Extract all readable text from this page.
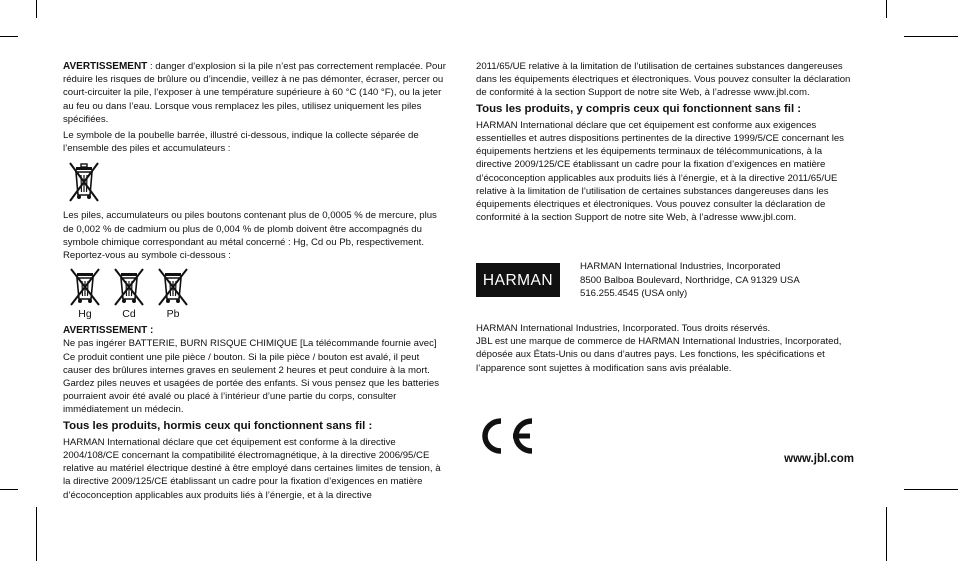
AVERTISSEMENT : danger d’explosion si la pile n’est pas correctement remplacée. Pour réduire les risques de brûlure ou d’incendie, veillez à ne pas démonter, écraser, percer ou court-circuiter la pile, l’exposer à une température supérieure à 60 °C (140 °F), ou la jeter au feu ou dans l’eau. Lorsque vous remplacez les piles, utilisez uniquement les piles spécifiées.

Le symbole de la poubelle barrée, illustré ci-dessous, indique la collecte séparée de l’ensemble des piles et accumulateurs :

Les piles, accumulateurs ou piles boutons contenant plus de 0,0005 % de mercure, plus de 0,002 % de cadmium ou plus de 0,004 % de plomb doivent être accompagnés du symbole chimique correspondant au métal concerné : Hg, Cd ou Pb, respectivement. Reportez-vous au symbole ci-dessous :

Hg	Cd	Pb
AVERTISSEMENT :

Ne pas ingérer BATTERIE, BURN RISQUE CHIMIQUE [La télécommande fournie avec] Ce produit contient une pile pièce / bouton. Si la pile pièce / bouton est avalé, il peut causer des brûlures internes graves en seulement 2 heures et peut conduire à la mort. Gardez piles neuves et usagées de portée des enfants. Si vous pensez que les batteries pourraient avoir été avalé ou placé à l’intérieur d’une partie du corps, consulter immédiatement un médecin.

Tous les produits, hormis ceux qui fonctionnent sans fil :

HARMAN International déclare que cet équipement est conforme à la directive 2004/108/CE concernant la compatibilité électromagnétique, à la directive 2006/95/CE relative au matériel électrique destiné à être employé dans certaines limites de tension, à la directive 2009/125/CE établissant un cadre pour la fixation d’exigences en matière d’écoconception applicables aux produits liés à l’énergie, et à la directive

2011/65/UE relative à la limitation de l’utilisation de certaines substances dangereuses dans les équipements électriques et électroniques. Vous pouvez consulter la déclaration de conformité à la section Support de notre site Web, à l’adresse www.jbl.com.

Tous les produits, y compris ceux qui fonctionnent sans fil :

HARMAN International déclare que cet équipement est conforme aux exigences essentielles et autres dispositions pertinentes de la directive 1999/5/CE concernant les équipements hertziens et les équipements terminaux de télécommunications, à la directive 2009/125/CE établissant un cadre pour la fixation d’exigences en matière d’écoconception applicables aux produits liés à l’énergie, et à la directive 2011/65/UE relative à la limitation de l’utilisation de certaines substances dangereuses dans les équipements électriques et électroniques. Vous pouvez consulter la déclaration de conformité à la section Support de notre site Web, à l’adresse www.jbl.com.

HARMAN
HARMAN International Industries, Incorporated
8500 Balboa Boulevard, Northridge, CA 91329 USA
516.255.4545 (USA only)
HARMAN International Industries, Incorporated. Tous droits réservés.
JBL est une marque de commerce de HARMAN International Industries, Incorporated, déposée aux États-Unis ou dans d’autres pays. Les fonctions, les spécifications et l’apparence sont sujettes à modification sans avis préalable.
www.jbl.com
